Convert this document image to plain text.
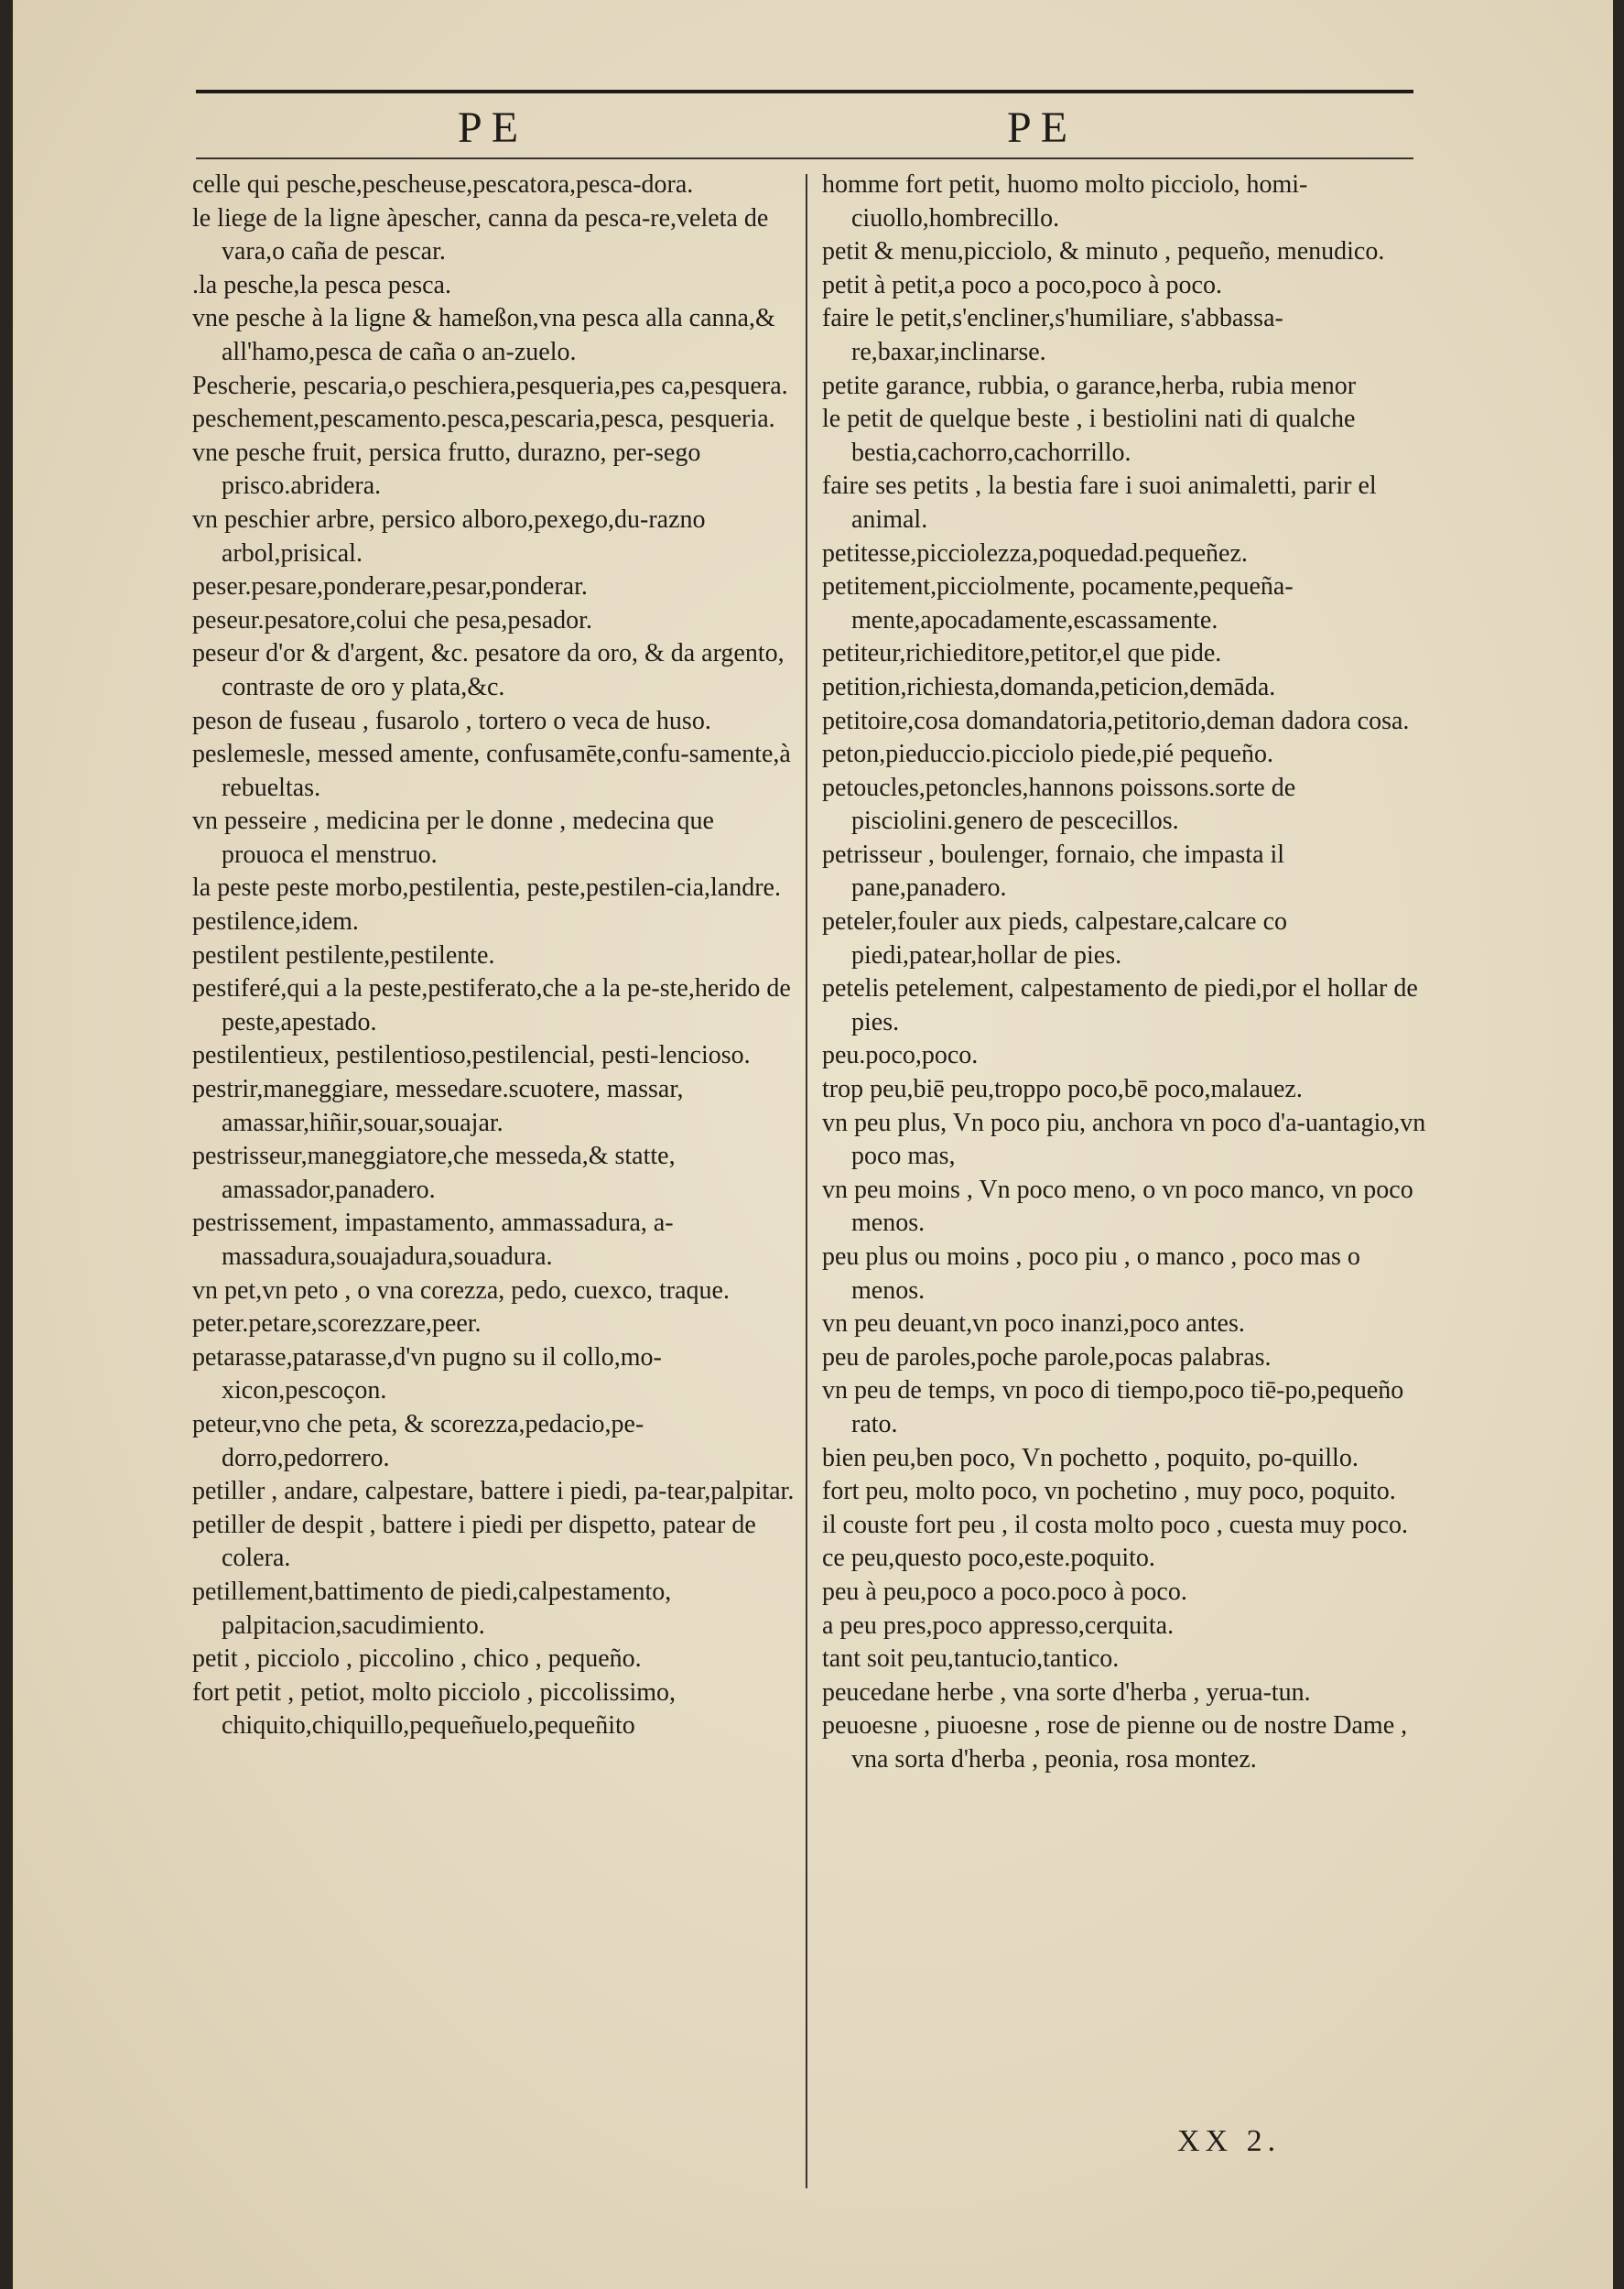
PE	PE

celle qui pesche,pescheuse,pescatora,pesca-dora.

le liege de la ligne àpescher, canna da pesca-re,veleta de vara,o caña de pescar.

.la pesche,la pesca pesca.

vne pesche à la ligne & hameßon,vna pesca alla canna,& all'hamo,pesca de caña o an-zuelo.

Pescherie, pescaria,o peschiera,pesqueria,pes ca,pesquera.

peschement,pescamento.pesca,pescaria,pesca, pesqueria.

vne pesche fruit, persica frutto, durazno, per-sego prisco.abridera.

vn peschier arbre, persico alboro,pexego,du-razno arbol,prisical.

peser.pesare,ponderare,pesar,ponderar.

peseur.pesatore,colui che pesa,pesador.

peseur d'or & d'argent, &c. pesatore da oro, & da argento, contraste de oro y plata,&c.

peson de fuseau , fusarolo , tortero o veca de huso.

peslemesle, messed amente, confusamēte,confu-samente,à rebueltas.

vn pesseire , medicina per le donne , medecina que prouoca el menstruo.

la peste peste morbo,pestilentia, peste,pestilen-cia,landre.

pestilence,idem.

pestilent pestilente,pestilente.

pestiferé,qui a la peste,pestiferato,che a la pe-ste,herido de peste,apestado.

pestilentieux, pestilentioso,pestilencial, pesti-lencioso.

pestrir,maneggiare, messedare.scuotere, massar, amassar,hiñir,souar,souajar.

pestrisseur,maneggiatore,che messeda,& statte, amassador,panadero.

pestrissement, impastamento, ammassadura, a-massadura,souajadura,souadura.

vn pet,vn peto , o vna corezza, pedo, cuexco, traque.

peter.petare,scorezzare,peer.

petarasse,patarasse,d'vn pugno su il collo,mo-xicon,pescoçon.

peteur,vno che peta, & scorezza,pedacio,pe-dorro,pedorrero.

petiller , andare, calpestare, battere i piedi, pa-tear,palpitar.

petiller de despit , battere i piedi per dispetto, patear de colera.

petillement,battimento de piedi,calpestamento, palpitacion,sacudimiento.

petit , picciolo , piccolino , chico , pequeño.

fort petit , petiot, molto picciolo , piccolissimo, chiquito,chiquillo,pequeñuelo,pequeñito

homme fort petit, huomo molto picciolo, homi-ciuollo,hombrecillo.

petit & menu,picciolo, & minuto , pequeño, menudico.

petit à petit,a poco a poco,poco à poco.

faire le petit,s'encliner,s'humiliare, s'abbassa-re,baxar,inclinarse.

petite garance, rubbia, o garance,herba, rubia menor

le petit de quelque beste , i bestiolini nati di qualche bestia,cachorro,cachorrillo.

faire ses petits , la bestia fare i suoi animaletti, parir el animal.

petitesse,picciolezza,poquedad.pequeñez.

petitement,picciolmente, pocamente,pequeña-mente,apocadamente,escassamente.

petiteur,richieditore,petitor,el que pide.

petition,richiesta,domanda,peticion,demāda.

petitoire,cosa domandatoria,petitorio,deman dadora cosa.

peton,pieduccio.picciolo piede,pié pequeño.

petoucles,petoncles,hannons poissons.sorte de pisciolini.genero de pescecillos.

petrisseur , boulenger, fornaio, che impasta il pane,panadero.

peteler,fouler aux pieds, calpestare,calcare co piedi,patear,hollar de pies.

petelis petelement, calpestamento de piedi,por el hollar de pies.

peu.poco,poco.

trop peu,biē peu,troppo poco,bē poco,malauez.

vn peu plus, Vn poco piu, anchora vn poco d'a-uantagio,vn poco mas,

vn peu moins , Vn poco meno, o vn poco manco, vn poco menos.

peu plus ou moins , poco piu , o manco , poco mas o menos.

vn peu deuant,vn poco inanzi,poco antes.

peu de paroles,poche parole,pocas palabras.

vn peu de temps, vn poco di tiempo,poco tiē-po,pequeño rato.

bien peu,ben poco, Vn pochetto , poquito, po-quillo.

fort peu, molto poco, vn pochetino , muy poco, poquito.

il couste fort peu , il costa molto poco , cuesta muy poco.

ce peu,questo poco,este.poquito.

peu à peu,poco a poco.poco à poco.

a peu pres,poco appresso,cerquita.

tant soit peu,tantucio,tantico.

peucedane herbe , vna sorte d'herba , yerua-tun.

peuoesne , piuoesne , rose de pienne ou de nostre Dame , vna sorta d'herba , peonia, rosa montez.

XX 2.
